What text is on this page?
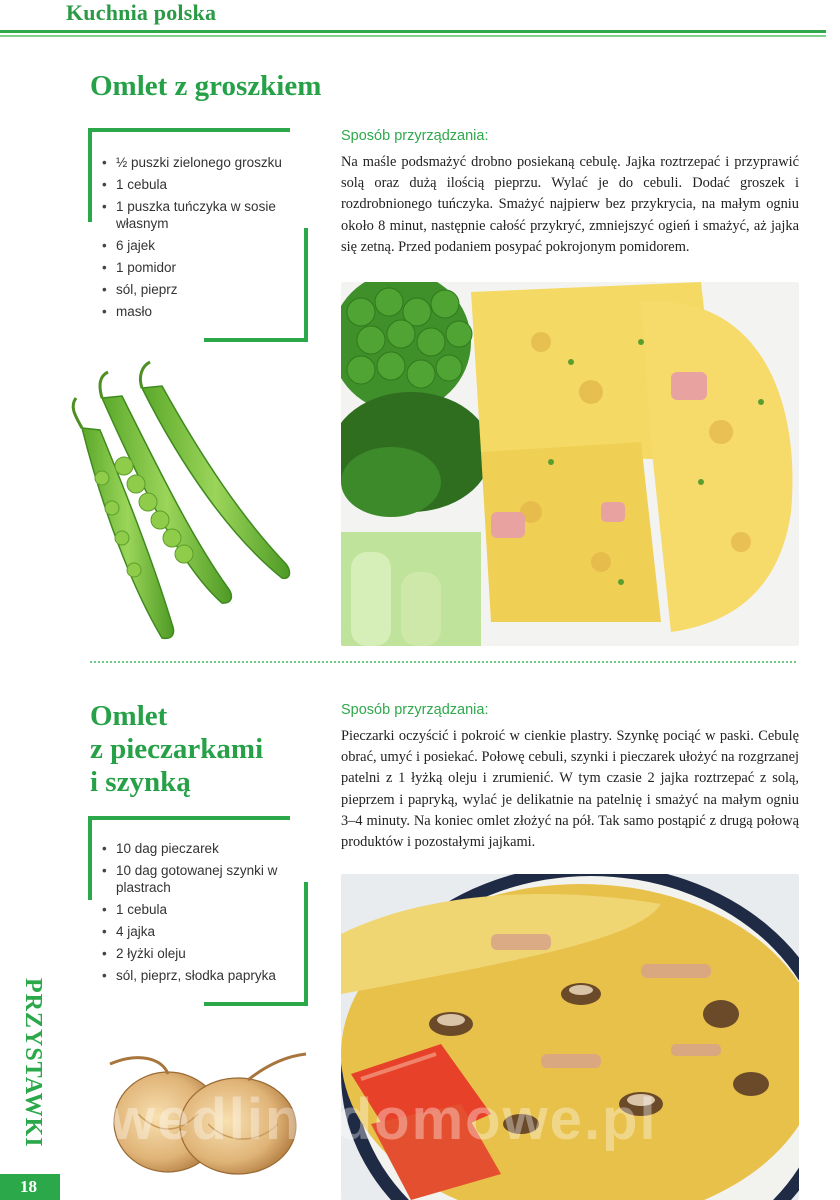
Kuchnia polska
Omlet z groszkiem
• ½ puszki zielonego groszku
• 1 cebula
• 1 puszka tuńczyka w sosie własnym
• 6 jajek
• 1 pomidor
• sól, pieprz
• masło
Sposób przyrządzania:
Na maśle podsmażyć drobno posiekaną cebulę. Jajka roztrzepać i przyprawić solą oraz dużą ilością pieprzu. Wylać je do cebuli. Dodać groszek i rozdrobnionego tuńczyka. Smażyć najpierw bez przykrycia, na małym ogniu około 8 minut, następnie całość przykryć, zmniejszyć ogień i smażyć, aż jajka się zetną. Przed podaniem posypać pokrojonym pomidorem.
Omlet
z pieczarkami
i szynką
• 10 dag pieczarek
• 10 dag gotowanej szynki w plastrach
• 1 cebula
• 4 jajka
• 2 łyżki oleju
• sól, pieprz, słodka papryka
Sposób przyrządzania:
Pieczarki oczyścić i pokroić w cienkie plastry. Szynkę pociąć w paski. Cebulę obrać, umyć i posiekać. Połowę cebuli, szynki i pieczarek ułożyć na rozgrzanej patelni z 1 łyżką oleju i zrumienić. W tym czasie 2 jajka roztrzepać z solą, pieprzem i papryką, wylać je delikatnie na patelnię i smażyć na małym ogniu 3–4 minuty. Na koniec omlet złożyć na pół. Tak samo postąpić z drugą połową produktów i pozostałymi jajkami.
wedlinydomowe.pl
PRZYSTAWKI
18
